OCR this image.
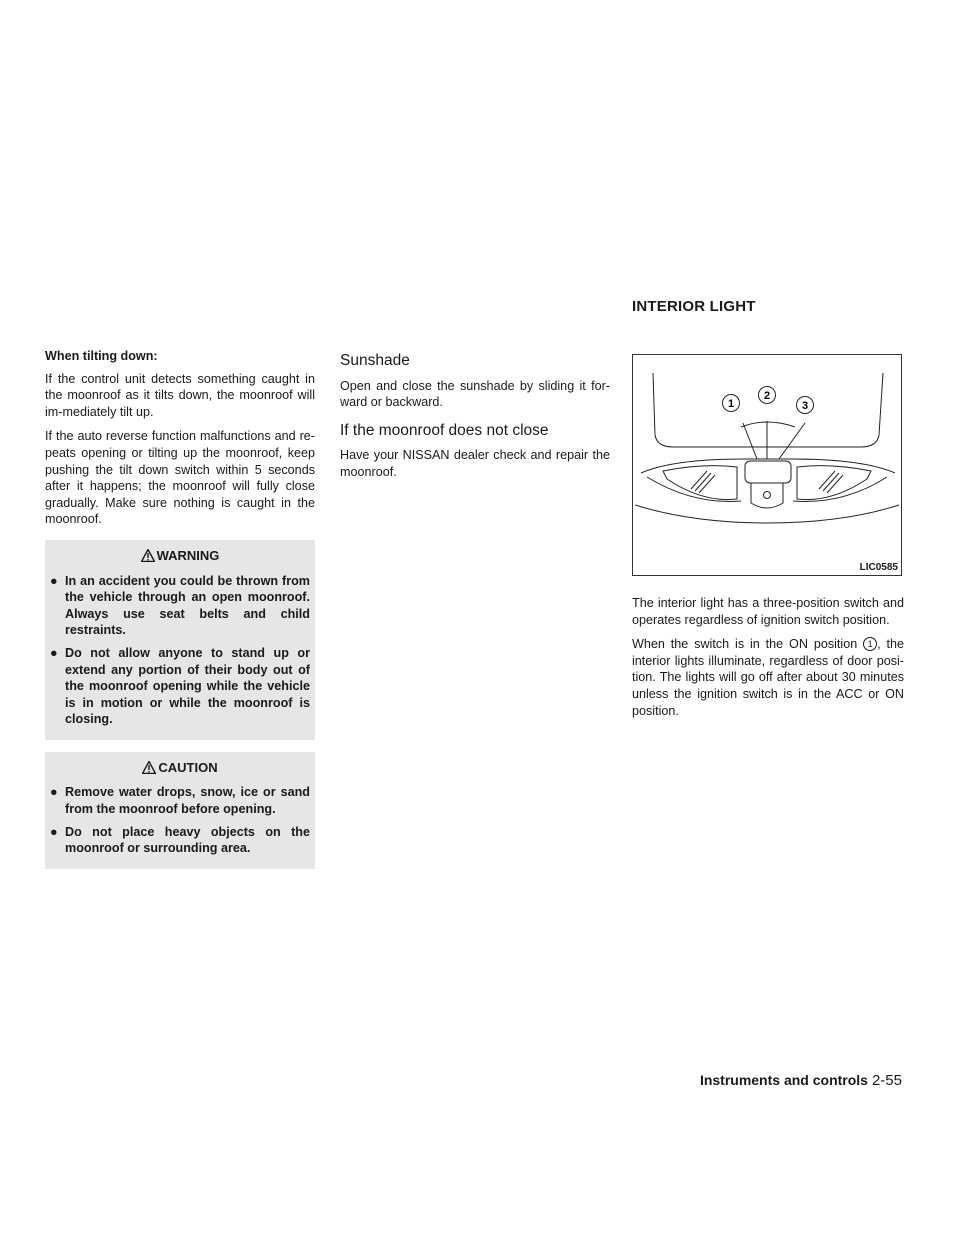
When tilting down:

If the control unit detects something caught in the moonroof as it tilts down, the moonroof will im-mediately tilt up.

If the auto reverse function malfunctions and re-peats opening or tilting up the moonroof, keep pushing the tilt down switch within 5 seconds after it happens; the moonroof will fully close gradually. Make sure nothing is caught in the moonroof.

WARNING
● In an accident you could be thrown from the vehicle through an open moonroof. Always use seat belts and child restraints.
● Do not allow anyone to stand up or extend any portion of their body out of the moonroof opening while the vehicle is in motion or while the moonroof is closing.
CAUTION
● Remove water drops, snow, ice or sand from the moonroof before opening.
● Do not place heavy objects on the moonroof or surrounding area.
Sunshade

Open and close the sunshade by sliding it for-ward or backward.

If the moonroof does not close

Have your NISSAN dealer check and repair the moonroof.

INTERIOR LIGHT
1
2
3
LIC0585

The interior light has a three-position switch and operates regardless of ignition switch position.

When the switch is in the ON position 1 , the interior lights illuminate, regardless of door posi-tion. The lights will go off after about 30 minutes unless the ignition switch is in the ACC or ON position.

Instruments and controls 2-55
